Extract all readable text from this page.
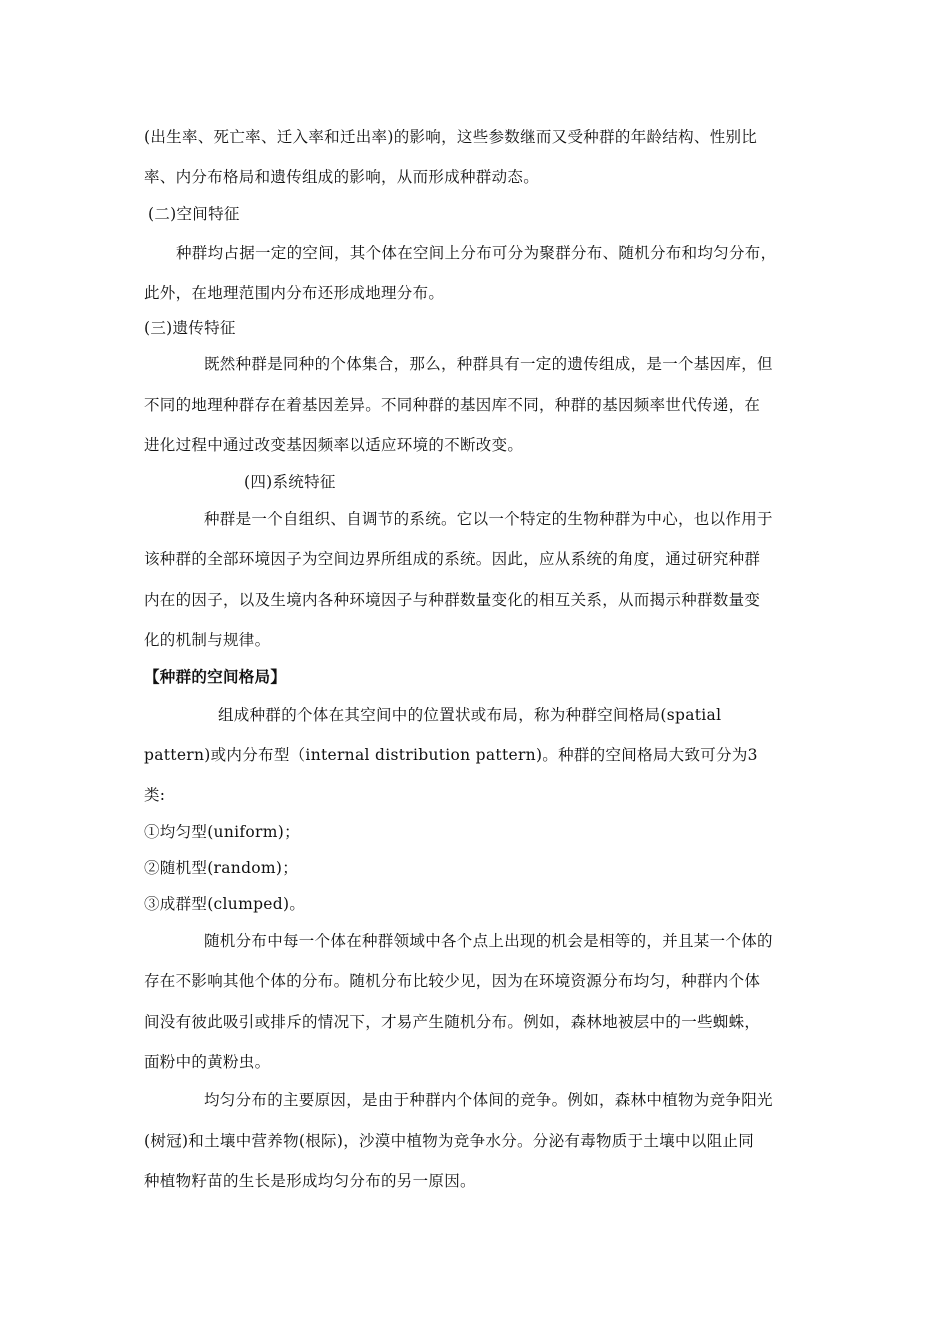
(出生率、死亡率、迁入率和迁出率)的影响，这些参数继而又受种群的年龄结构、性别比
率、内分布格局和遗传组成的影响，从而形成种群动态。
(二)空间特征
种群均占据一定的空间，其个体在空间上分布可分为聚群分布、随机分布和均匀分布，
此外，在地理范围内分布还形成地理分布。
(三)遗传特征
既然种群是同种的个体集合，那么，种群具有一定的遗传组成，是一个基因库，但
不同的地理种群存在着基因差异。不同种群的基因库不同，种群的基因频率世代传递，在
进化过程中通过改变基因频率以适应环境的不断改变。
(四)系统特征
种群是一个自组织、自调节的系统。它以一个特定的生物种群为中心，也以作用于
该种群的全部环境因子为空间边界所组成的系统。因此，应从系统的角度，通过研究种群
内在的因子，以及生境内各种环境因子与种群数量变化的相互关系，从而揭示种群数量变
化的机制与规律。
【种群的空间格局】
组成种群的个体在其空间中的位置状或布局，称为种群空间格局(spatial
pattern)或内分布型（internal distribution pattern)。种群的空间格局大致可分为3
类:
①均匀型(uniform)；
②随机型(random)；
③成群型(clumped)。
随机分布中每一个体在种群领域中各个点上出现的机会是相等的，并且某一个体的
存在不影响其他个体的分布。随机分布比较少见，因为在环境资源分布均匀，种群内个体
间没有彼此吸引或排斥的情况下，才易产生随机分布。例如，森林地被层中的一些蜘蛛，
面粉中的黄粉虫。
均匀分布的主要原因，是由于种群内个体间的竞争。例如，森林中植物为竞争阳光
(树冠)和土壤中营养物(根际)，沙漠中植物为竞争水分。分泌有毒物质于土壤中以阻止同
种植物籽苗的生长是形成均匀分布的另一原因。
